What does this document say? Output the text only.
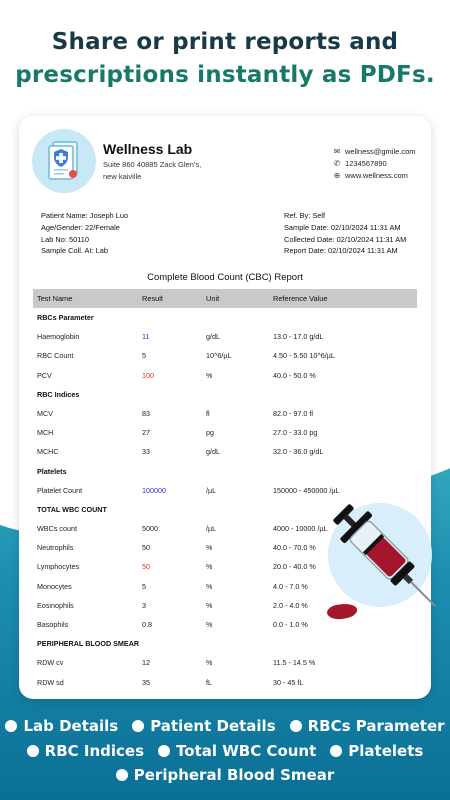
Share or print reports and
prescriptions instantly as PDFs.
Wellness Lab
Suite 860 40885 Zack Glen's,
new kaiville
✉ wellness@gmile.com
✆ 1234567890
⊕ www.wellness.com
Patient Name: Joseph Luo
Age/Gender: 22/Female
Lab No: 50110
Sample Coll. At: Lab
Ref. By: Self
Sample Date: 02/10/2024 11:31 AM
Collected Date: 02/10/2024 11:31 AM
Report Date: 02/10/2024 11:31 AM
Complete Blood Count (CBC) Report
Test Name	Result	Unit	Reference Value
RBCs Parameter
Haemoglobin	11	g/dL	13.0 - 17.0 g/dL
RBC Count	5	10^6/µL	4.50 - 5.50 10^6/µL
PCV	100	%	40.0 - 50.0 %
RBC Indices
MCV	83	fl	82.0 - 97.0 fl
MCH	27	pg	27.0 - 33.0 pg
MCHC	33	g/dL	32.0 - 36.0 g/dL
Platelets
Platelet Count	100000	/µL	150000 - 450000 /µL
TOTAL WBC COUNT
WBCs count	5000	/µL	4000 - 10000 /µL
Neutrophils	50	%	40.0 - 70.0 %
Lymphocytes	50	%	20.0 - 40.0 %
Monocytes	5	%	4.0 - 7.0 %
Eosinophils	3	%	2.0 - 4.0 %
Basophils	0.8	%	0.0 - 1.0 %
PERIPHERAL BLOOD SMEAR
RDW cv	12	%	11.5 - 14.5 %
RDW sd	35	fL	30 - 45 fL
Lab Details Patient Details RBCs Parameter
RBC Indices Total WBC Count Platelets
Peripheral Blood Smear
